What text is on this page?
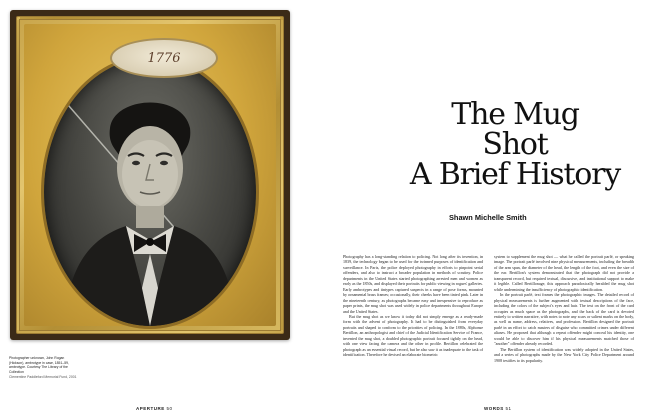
1776
Photographer unknown, John Rogan (Hickson), ambrotype in case, 1851–59, ambrotype. Courtesy The Library of the Collection
Clementine Paddleford Memorial Fund, 2001
APERTURE 50
The Mug
Shot
A Brief History
Shawn Michelle Smith

Photography has a long-standing relation to policing. Not long after its invention, in 1839, the technology began to be used for the twinned purposes of identification and surveillance. In Paris, the police deployed photography in efforts to pinpoint serial offenders, and also to instruct a broader population in methods of scrutiny. Police departments in the United States started photographing arrested men and women as early as the 1850s, and displayed their portraits for public viewing in rogues' galleries. Early ambrotypes and tintypes captured suspects in a range of pose forms, mounted by ornamental brass frames; occasionally, their cheeks have been tinted pink. Later in the nineteenth century, as photographs became easy and inexpensive to reproduce as paper prints, the mug shot was used widely in police departments throughout Europe and the United States.

But the mug shot as we know it today did not simply emerge as a ready-made form with the advent of photography. It had to be distinguished from everyday portraits and shaped to conform to the priorities of policing. In the 1880s, Alphonse Bertillon, an anthropologist and chief of the Judicial Identification Service of France, invented the mug shot, a doubled photographic portrait focused tightly on the head, with one view facing the camera and the other in profile. Bertillon celebrated the photograph as an essential visual record, but he also saw it as inadequate to the task of identification. Therefore he devised an elaborate biometric

system to supplement the mug shot — what he called the portrait parlé, or speaking image. The portrait parlé involved nine physical measurements, including the breadth of the arm span, the diameter of the head, the length of the foot, and even the size of the ear. Bertillon's system demonstrated that the photograph did not provide a transparent record, but required textual, discursive, and institutional support to make it legible. Called Bertillonage, this approach paradoxically heralded the mug shot while undermining the insufficiency of photographic identification.

In the portrait parlé, text frames the photographic images. The detailed record of physical measurements is further augmented with textual descriptions of the face, including the colors of the subject's eyes and hair. The text on the front of the card occupies as much space as the photographs, and the back of the card is devoted entirely to written narrative, with notes to note any scars or salient marks on the body, as well as name, address, relatives, and profession. Bertillon designed the portrait parlé in an effort to catch masters of disguise who committed crimes under different aliases. He proposed that although a repeat offender might conceal his identity, one would be able to discover him if his physical measurements matched those of "another" offender already recorded.

The Bertillon system of identification was widely adopted in the United States, and a series of photographs made by the New York City Police Department around 1908 testifies to its popularity.

WORDS 51
